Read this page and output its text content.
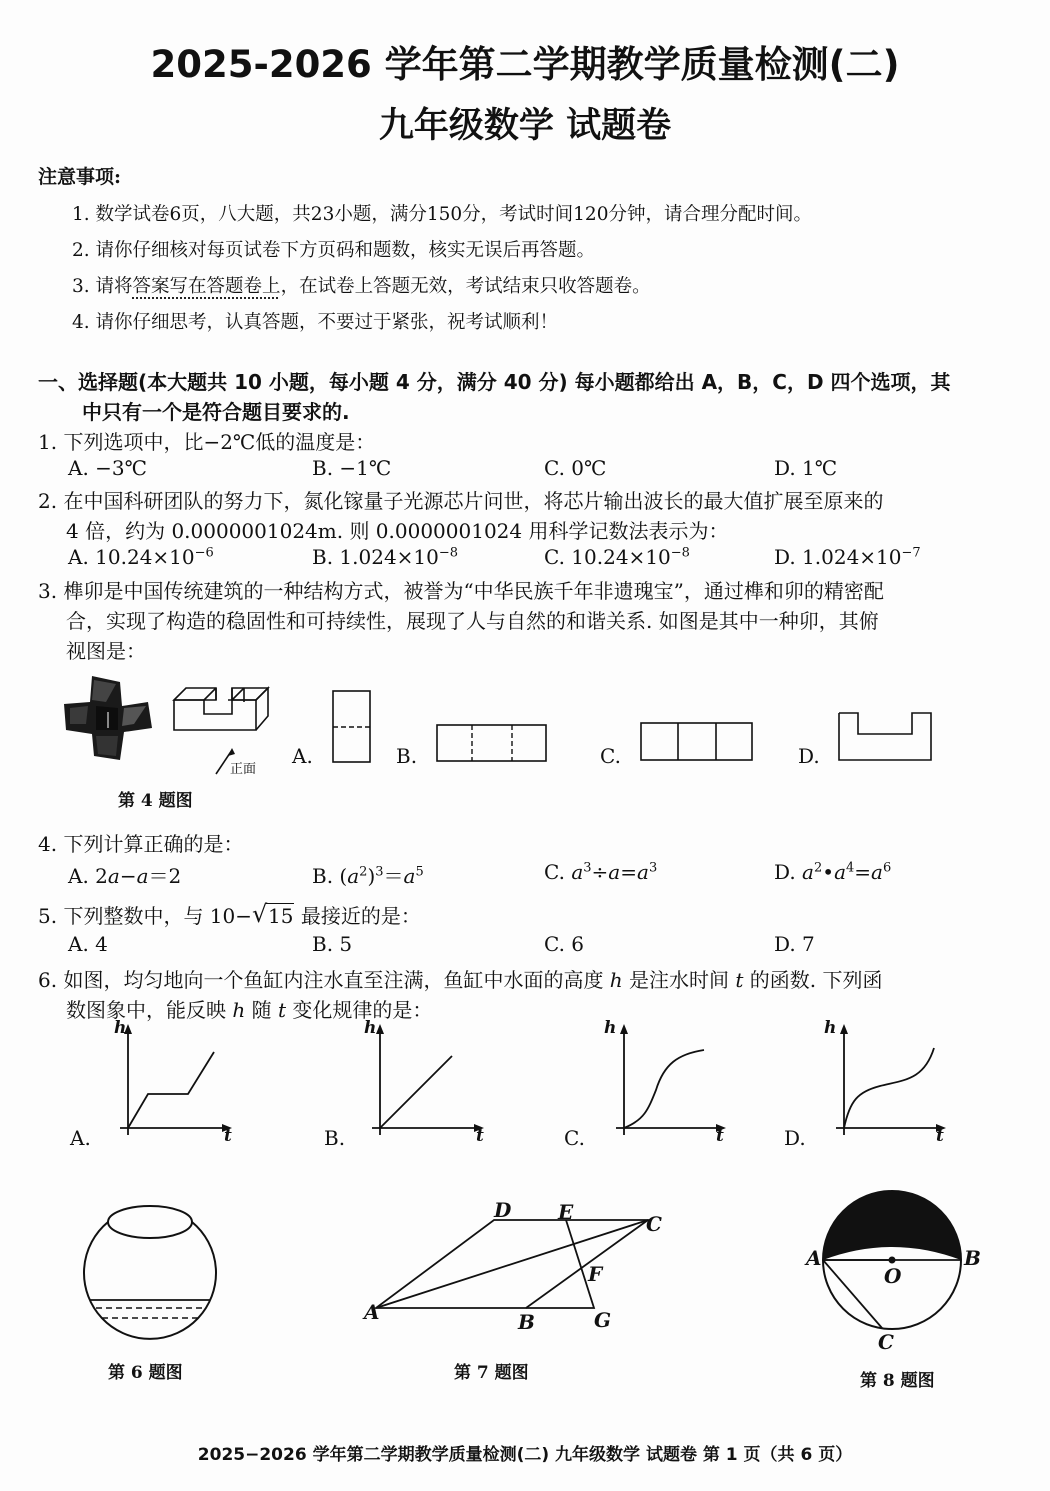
2025-2026 学年第二学期教学质量检测(二)
九年级数学 试题卷
注意事项:
1. 数学试卷6页，八大题，共23小题，满分150分，考试时间120分钟，请合理分配时间。
2. 请你仔细核对每页试卷下方页码和题数，核实无误后再答题。
3. 请将答案写在答题卷上，在试卷上答题无效，考试结束只收答题卷。
4. 请你仔细思考，认真答题，不要过于紧张，祝考试顺利！
一、选择题(本大题共 10 小题，每小题 4 分，满分 40 分) 每小题都给出 A，B，C，D 四个选项，其
中只有一个是符合题目要求的.
1. 下列选项中，比−2℃低的温度是：
A. −3℃	B. −1℃	C. 0℃	D. 1℃
2. 在中国科研团队的努力下，氮化镓量子光源芯片问世，将芯片输出波长的最大值扩展至原来的
4 倍，约为 0.0000001024m. 则 0.0000001024 用科学记数法表示为：
A. $10.24\times 10^{-6}$	B. $1.024\times 10^{-8}$	C. $10.24\times 10^{-8}$	D. $1.024\times 10^{-7}$
3. 榫卯是中国传统建筑的一种结构方式，被誉为“中华民族千年非遗瑰宝”，通过榫和卯的精密配
合，实现了构造的稳固性和可持续性，展现了人与自然的和谐关系. 如图是其中一种卯，其俯
视图是：
正面
第 4 题图
A.	B.	C.	D.
4. 下列计算正确的是：
A. 2a−a＝2	B. $(a^2)^3=a^5$	C. $a^3\div a=a^3$	D. $a^2•a^4=a^6$
5. 下列整数中，与 10− √ 15 最接近的是：
A. 4	B. 5	C. 6	D. 7
6. 如图，均匀地向一个鱼缸内注水直至注满，鱼缸中水面的高度 h 是注水时间 t 的函数. 下列函
数图象中，能反映 h 随 t 变化规律的是：
A.
h
t	B.
h
t	C.
h
t	D.
h
t
第 6 题图
D E	C
F
A	B	G
第 7 题图
A
O
B
C
第 8 题图
2025−2026 学年第二学期教学质量检测(二) 九年级数学 试题卷 第 1 页（共 6 页）
